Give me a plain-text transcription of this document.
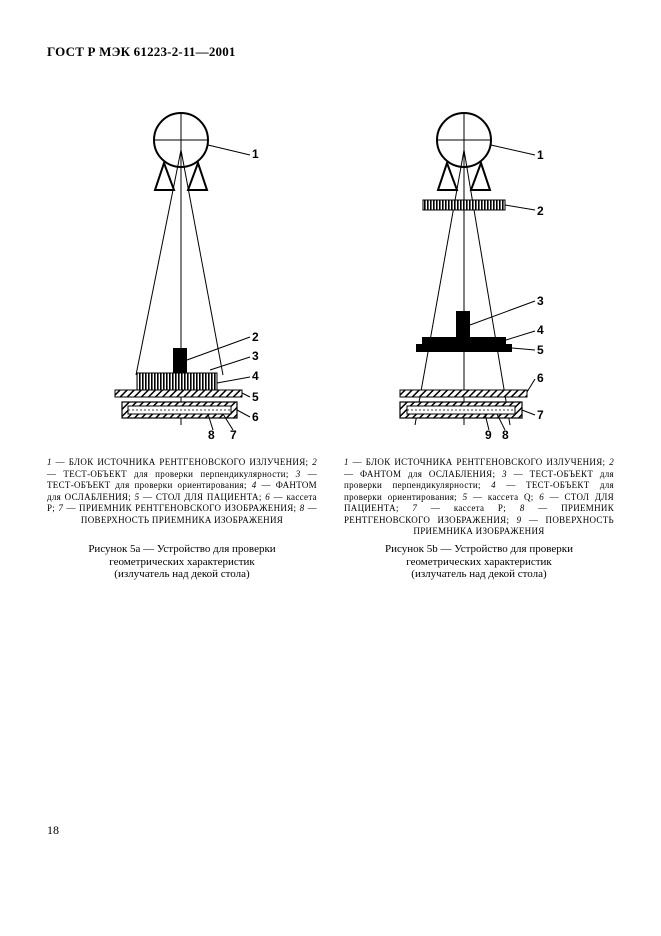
ГОСТ Р МЭК 61223-2-11—2001
1
2
3
4
5
6
7
8
1
2
3
4
5
6
7
8
9
1 — БЛОК ИСТОЧНИКА РЕНТГЕНОВСКОГО ИЗЛУЧЕНИЯ; 2 — ТЕСТ-ОБЪЕКТ для проверки перпендикулярности; 3 — ТЕСТ-ОБЪЕКТ для проверки ориентирования; 4 — ФАНТОМ для ОСЛАБЛЕНИЯ; 5 — СТОЛ ДЛЯ ПАЦИЕНТА; 6 — кассета P; 7 — ПРИЕМНИК РЕНТГЕНОВСКОГО ИЗОБРАЖЕНИЯ; 8 — ПОВЕРХНОСТЬ ПРИЕМНИКА ИЗОБРАЖЕНИЯ
1 — БЛОК ИСТОЧНИКА РЕНТГЕНОВСКОГО ИЗЛУЧЕНИЯ; 2 — ФАНТОМ для ОСЛАБЛЕНИЯ; 3 — ТЕСТ-ОБЪЕКТ для проверки перпендикулярности; 4 — ТЕСТ-ОБЪЕКТ для проверки ориентирования; 5 — кассета Q; 6 — СТОЛ ДЛЯ ПАЦИЕНТА; 7 — кассета P; 8 — ПРИЕМНИК РЕНТГЕНОВСКОГО ИЗОБРАЖЕНИЯ; 9 — ПОВЕРХНОСТЬ ПРИЕМНИКА ИЗОБРАЖЕНИЯ
Рисунок 5а — Устройство для проверки
геометрических характеристик
(излучатель над декой стола)
Рисунок 5b — Устройство для проверки
геометрических характеристик
(излучатель над декой стола)
18
